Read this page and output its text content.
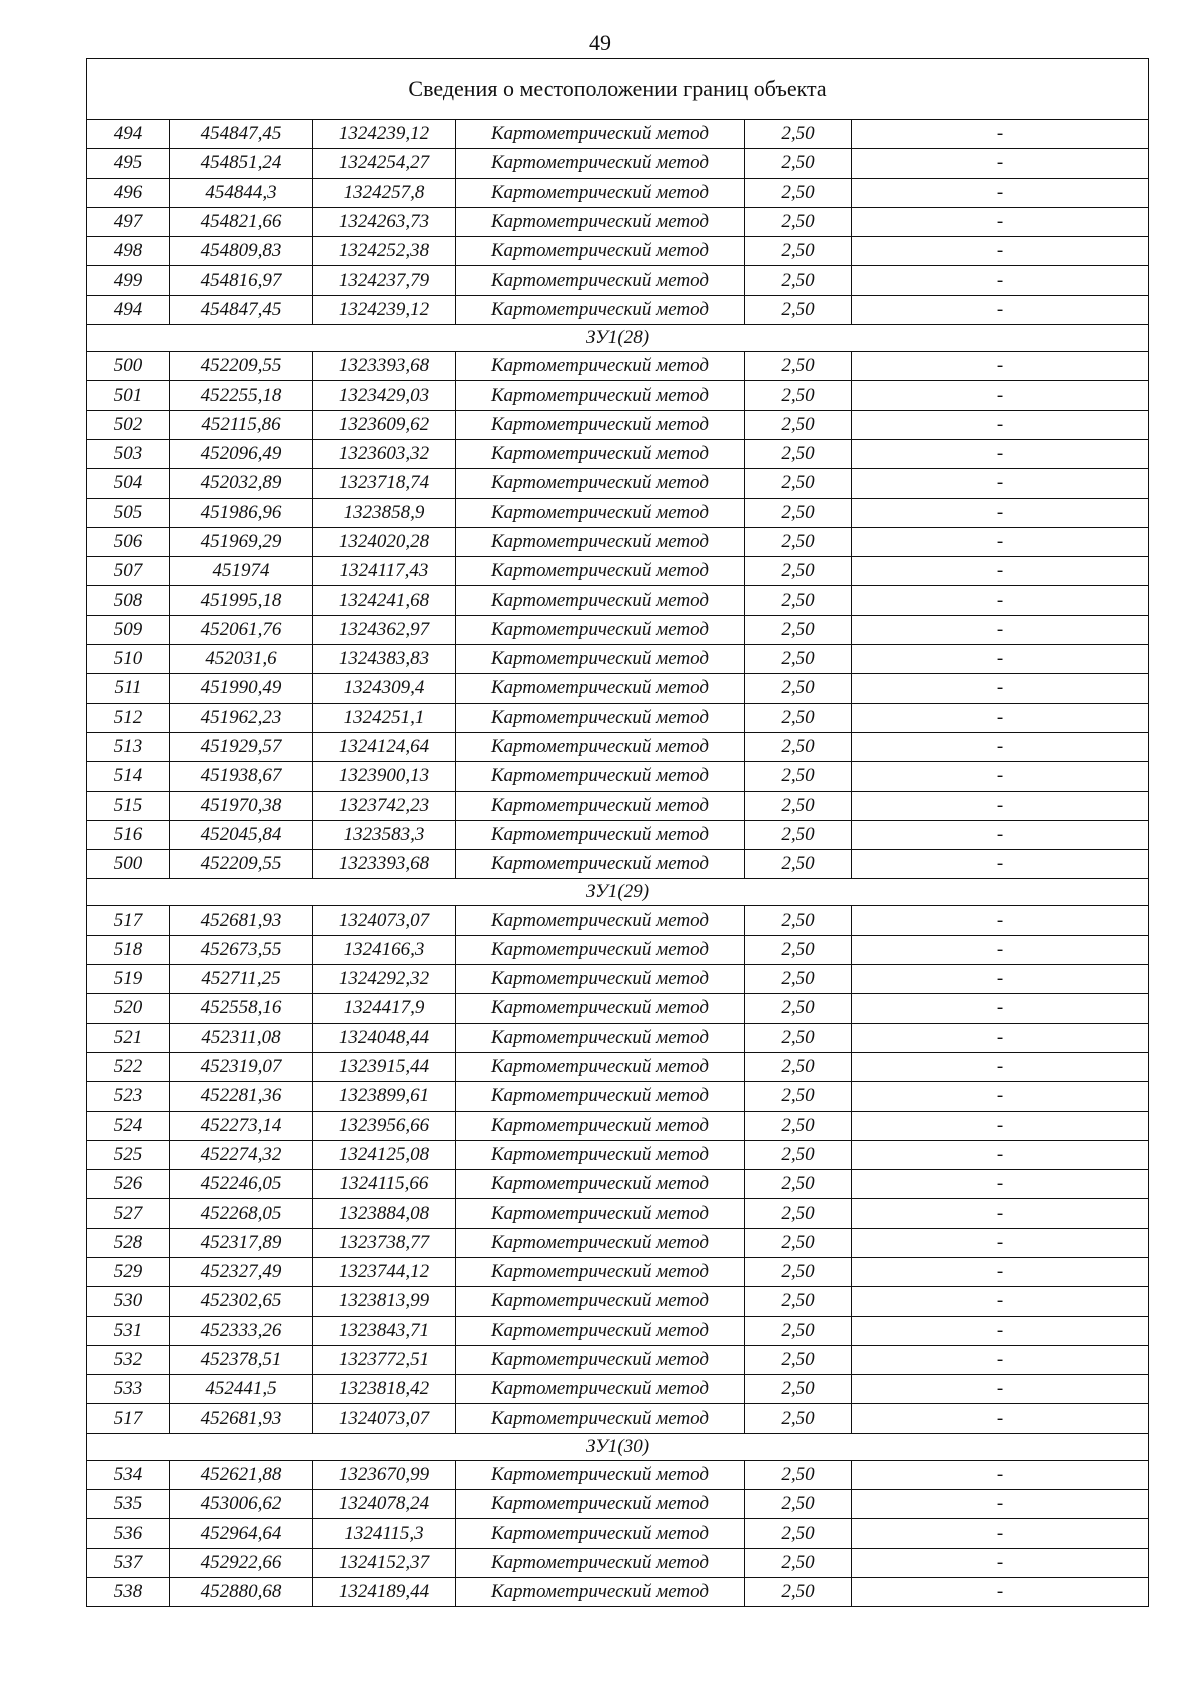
49
Сведения о местоположении границ объекта					
494	454847,45	1324239,12	Картометрический метод	2,50	-
495	454851,24	1324254,27	Картометрический метод	2,50	-
496	454844,3	1324257,8	Картометрический метод	2,50	-
497	454821,66	1324263,73	Картометрический метод	2,50	-
498	454809,83	1324252,38	Картометрический метод	2,50	-
499	454816,97	1324237,79	Картометрический метод	2,50	-
494	454847,45	1324239,12	Картометрический метод	2,50	-
ЗУ1(28)					
500	452209,55	1323393,68	Картометрический метод	2,50	-
501	452255,18	1323429,03	Картометрический метод	2,50	-
502	452115,86	1323609,62	Картометрический метод	2,50	-
503	452096,49	1323603,32	Картометрический метод	2,50	-
504	452032,89	1323718,74	Картометрический метод	2,50	-
505	451986,96	1323858,9	Картометрический метод	2,50	-
506	451969,29	1324020,28	Картометрический метод	2,50	-
507	451974	1324117,43	Картометрический метод	2,50	-
508	451995,18	1324241,68	Картометрический метод	2,50	-
509	452061,76	1324362,97	Картометрический метод	2,50	-
510	452031,6	1324383,83	Картометрический метод	2,50	-
511	451990,49	1324309,4	Картометрический метод	2,50	-
512	451962,23	1324251,1	Картометрический метод	2,50	-
513	451929,57	1324124,64	Картометрический метод	2,50	-
514	451938,67	1323900,13	Картометрический метод	2,50	-
515	451970,38	1323742,23	Картометрический метод	2,50	-
516	452045,84	1323583,3	Картометрический метод	2,50	-
500	452209,55	1323393,68	Картометрический метод	2,50	-
ЗУ1(29)					
517	452681,93	1324073,07	Картометрический метод	2,50	-
518	452673,55	1324166,3	Картометрический метод	2,50	-
519	452711,25	1324292,32	Картометрический метод	2,50	-
520	452558,16	1324417,9	Картометрический метод	2,50	-
521	452311,08	1324048,44	Картометрический метод	2,50	-
522	452319,07	1323915,44	Картометрический метод	2,50	-
523	452281,36	1323899,61	Картометрический метод	2,50	-
524	452273,14	1323956,66	Картометрический метод	2,50	-
525	452274,32	1324125,08	Картометрический метод	2,50	-
526	452246,05	1324115,66	Картометрический метод	2,50	-
527	452268,05	1323884,08	Картометрический метод	2,50	-
528	452317,89	1323738,77	Картометрический метод	2,50	-
529	452327,49	1323744,12	Картометрический метод	2,50	-
530	452302,65	1323813,99	Картометрический метод	2,50	-
531	452333,26	1323843,71	Картометрический метод	2,50	-
532	452378,51	1323772,51	Картометрический метод	2,50	-
533	452441,5	1323818,42	Картометрический метод	2,50	-
517	452681,93	1324073,07	Картометрический метод	2,50	-
ЗУ1(30)					
534	452621,88	1323670,99	Картометрический метод	2,50	-
535	453006,62	1324078,24	Картометрический метод	2,50	-
536	452964,64	1324115,3	Картометрический метод	2,50	-
537	452922,66	1324152,37	Картометрический метод	2,50	-
538	452880,68	1324189,44	Картометрический метод	2,50	-
